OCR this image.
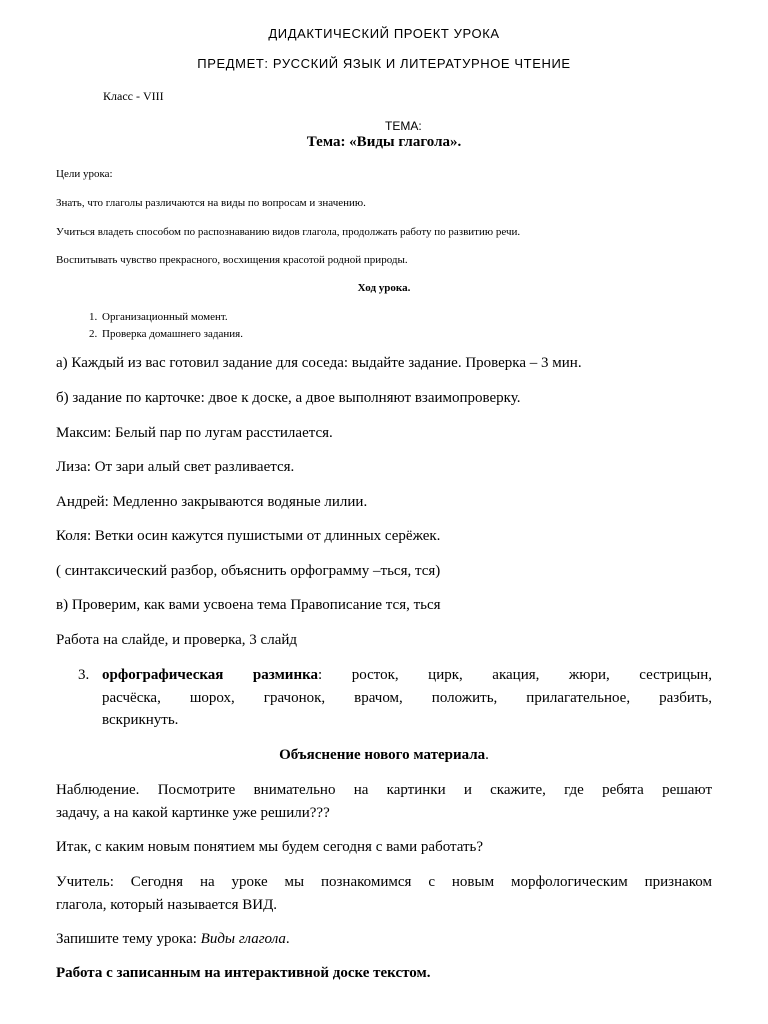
ДИДАКТИЧЕСКИЙ ПРОЕКТ УРОКА
ПРЕДМЕТ: РУССКИЙ ЯЗЫК И ЛИТЕРАТУРНОЕ ЧТЕНИЕ
Класс - VIII
ТЕМА:
Тема: «Виды глагола».
Цели урока:
Знать, что глаголы различаются на виды по вопросам и значению.
Учиться владеть способом по распознаванию видов глагола, продолжать работу по развитию речи.
Воспитывать чувство прекрасного, восхищения красотой родной природы.
Ход урока.
1. Организационный момент.
2. Проверка домашнего задания.
а) Каждый из вас готовил задание для соседа: выдайте задание. Проверка – 3 мин.
б) задание по карточке: двое к доске, а двое выполняют взаимопроверку.
Максим: Белый пар по лугам расстилается.
Лиза: От зари алый свет разливается.
Андрей: Медленно закрываются водяные лилии.
Коля: Ветки осин кажутся пушистыми от длинных серёжек.
( синтаксический разбор, объяснить орфограмму –ться, тся)
в) Проверим, как вами усвоена тема Правописание тся, ться
Работа на слайде, и проверка, 3 слайд
3. орфографическая разминка: росток, цирк, акация, жюри, сестрицын,
расчёска, шорох, грачонок, врачом, положить, прилагательное, разбить,
вскрикнуть.
Объяснение нового материала.
Наблюдение. Посмотрите внимательно на картинки и скажите, где ребята решают
задачу, а на какой картинке уже решили???
Итак, с каким новым понятием мы будем сегодня с вами работать?
Учитель: Сегодня на уроке мы познакомимся с новым морфологическим признаком
глагола, который называется ВИД.
Запишите тему урока: Виды глагола.
Работа с записанным на интерактивной доске текстом.
